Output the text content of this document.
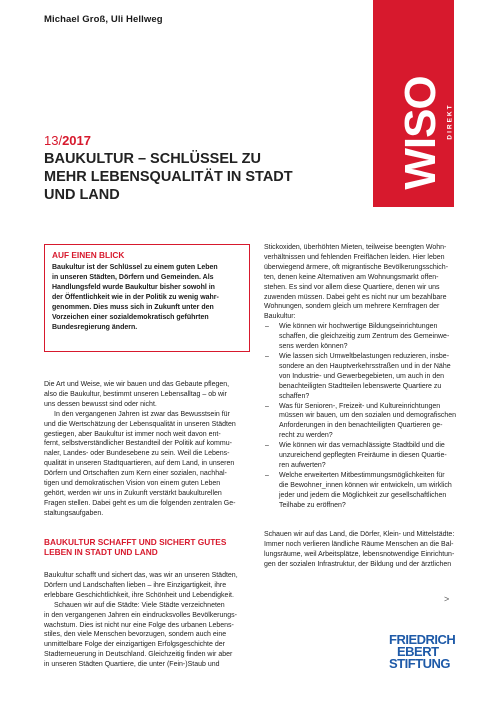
Michael Groß, Uli Hellweg
WISO DIREKT
13/2017
BAUKULTUR – SCHLÜSSEL ZU
MEHR LEBENSQUALITÄT IN STADT
UND LAND
AUF EINEN BLICK
Baukultur ist der Schlüssel zu einem guten Leben
in unseren Städten, Dörfern und Gemeinden. Als
Handlungsfeld wurde Baukultur bisher sowohl in
der Öffentlichkeit wie in der Politik zu wenig wahr-
genommen. Dies muss sich in Zukunft unter den
Vorzeichen einer sozialdemokratisch geführten
Bundesregierung ändern.
Die Art und Weise, wie wir bauen und das Gebaute pflegen,
also die Baukultur, bestimmt unseren Lebensalltag – ob wir
uns dessen bewusst sind oder nicht.
In den vergangenen Jahren ist zwar das Bewusstsein für
und die Wertschätzung der Lebensqualität in unseren Städten
gestiegen, aber Baukultur ist immer noch weit davon ent-
fernt, selbstverständlicher Bestandteil der Politik auf kommu-
naler, Landes- oder Bundesebene zu sein. Weil die Lebens-
qualität in unseren Stadtquartieren, auf dem Land, in unseren
Dörfern und Ortschaften zum Kern einer sozialen, nachhal-
tigen und demokratischen Vision von einem guten Leben
gehört, werden wir uns in Zukunft verstärkt baukulturellen
Fragen stellen. Dabei geht es um die folgenden zentralen Ge-
staltungsaufgaben.
BAUKULTUR SCHAFFT UND SICHERT GUTES
LEBEN IN STADT UND LAND
Baukultur schafft und sichert das, was wir an unseren Städten,
Dörfern und Landschaften lieben – ihre Einzigartigkeit, ihre
erlebbare Geschichtlichkeit, ihre Schönheit und Lebendigkeit.
Schauen wir auf die Städte: Viele Städte verzeichneten
in den vergangenen Jahren ein eindrucksvolles Bevölkerungs-
wachstum. Dies ist nicht nur eine Folge des urbanen Lebens-
stiles, den viele Menschen bevorzugen, sondern auch eine
unmittelbare Folge der einzigartigen Erfolgsgeschichte der
Stadterneuerung in Deutschland. Gleichzeitig finden wir aber
in unseren Städten Quartiere, die unter (Fein-)Staub und
Stickoxiden, überhöhten Mieten, teilweise beengten Wohn-
verhältnissen und fehlenden Freiflächen leiden. Hier leben
überwiegend ärmere, oft migrantische Bevölkerungsschich-
ten, denen keine Alternativen am Wohnungsmarkt offen-
stehen. Es sind vor allem diese Quartiere, denen wir uns
zuwenden müssen. Dabei geht es nicht nur um bezahlbare
Wohnungen, sondern gleich um mehrere Kernfragen der
Baukultur:
– Wie können wir hochwertige Bildungseinrichtungen
schaffen, die gleichzeitig zum Zentrum des Gemeinwe-
sens werden können?
– Wie lassen sich Umweltbelastungen reduzieren, insbe-
sondere an den Hauptverkehrsstraßen und in der Nähe
von Industrie- und Gewerbegebieten, um auch in den
benachteiligten Stadtteilen lebenswerte Quartiere zu
schaffen?
– Was für Senioren-, Freizeit- und Kultureinrichtungen
müssen wir bauen, um den sozialen und demografischen
Anforderungen in den benachteiligten Quartieren ge-
recht zu werden?
– Wie können wir das vernachlässigte Stadtbild und die
unzureichend gepflegten Freiräume in diesen Quartie-
ren aufwerten?
– Welche erweiterten Mitbestimmungsmöglichkeiten für
die Bewohner_innen können wir entwickeln, um wirklich
jeder und jedem die Möglichkeit zur gesellschaftlichen
Teilhabe zu eröffnen?
Schauen wir auf das Land, die Dörfer, Klein- und Mittelstädte:
Immer noch verlieren ländliche Räume Menschen an die Bal-
lungsräume, weil Arbeitsplätze, lebensnotwendige Einrichtun-
gen der sozialen Infrastruktur, der Bildung und der ärztlichen
>
FRIEDRICH
EBERT
STIFTUNG
